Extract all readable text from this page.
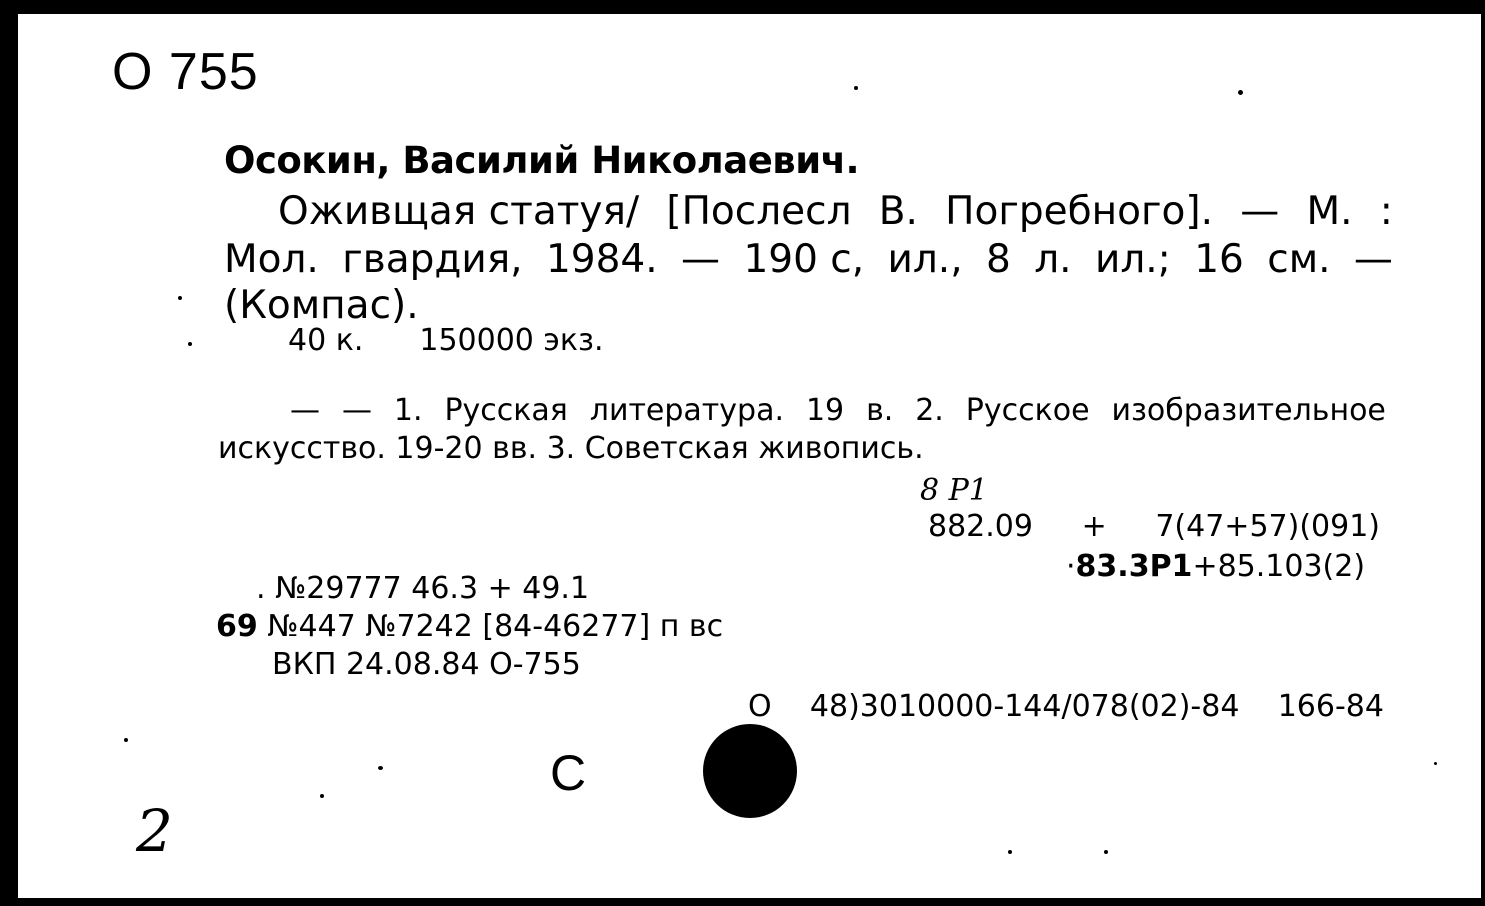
O 755
Осокин, Василий Николаевич.
Оживщая статуя/ [Послесл В. Погребного]. — М. :
Мол. гвардия, 1984. — 190 с, ил., 8 л. ил.; 16 см. —
(Компас).
40 к. 150000 экз.
— — 1. Русская литература. 19 в. 2. Русское изобразительное
искусство. 19-20 вв. 3. Советская живопись.
8 Р1
882.09 + 7(47+57)(091)
·83.3Р1+85.103(2)
. №29777 46.3 + 49.1
69 №447 №7242 [84-46277] п вс
ВКП 24.08.84 О-755
О 48)3010000-144/078(02)-84 166-84
С
2
